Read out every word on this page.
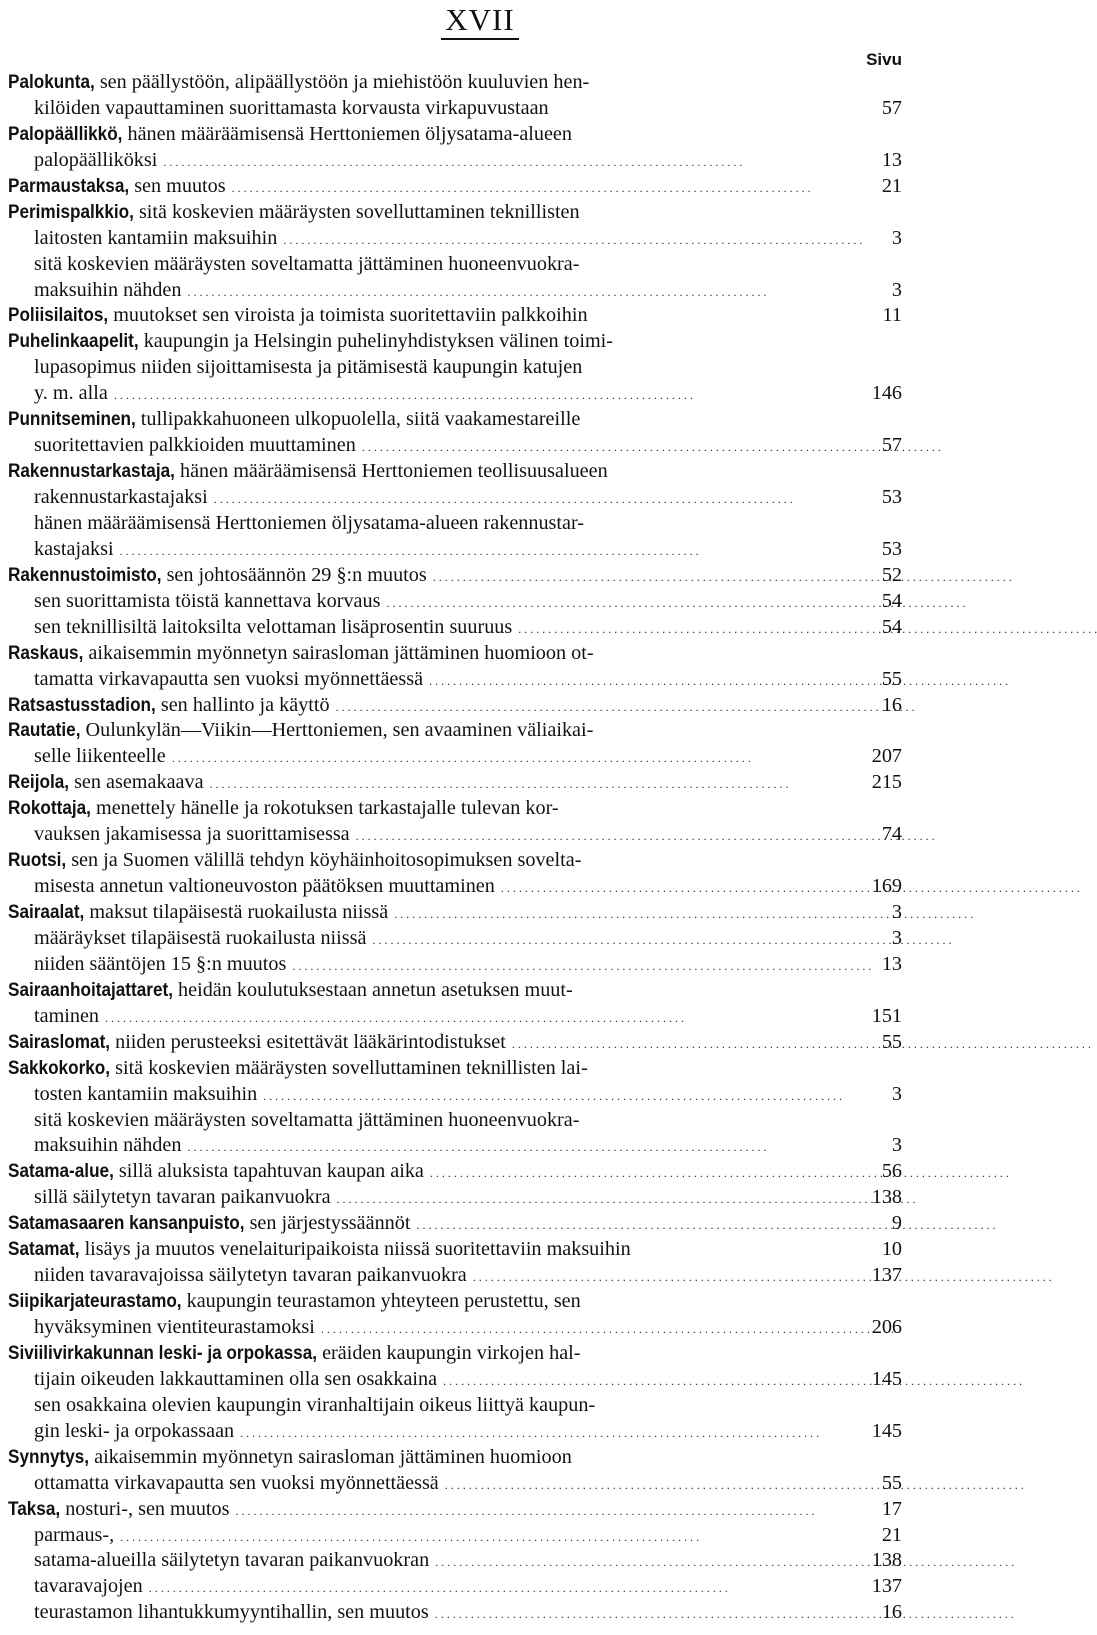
XVII
Sivu
Palokunta, sen päällystöön, alipäällystöön ja miehistöön kuuluvien hen-
kilöiden vapauttaminen suorittamasta korvausta virkapuvustaan	57
Palopäällikkö, hänen määräämisensä Herttoniemen öljysatama-alueen
palopäälliköksi . . .	13
Parmaustaksa, sen muutos . . .	21
Perimispalkkio, sitä koskevien määräysten sovelluttaminen teknillisten
laitosten kantamiin maksuihin . . .	3
sitä koskevien määräysten soveltamatta jättäminen huoneenvuokra-
maksuihin nähden . . .	3
Poliisilaitos, muutokset sen viroista ja toimista suoritettaviin palkkoihin	11
Puhelinkaapelit, kaupungin ja Helsingin puhelinyhdistyksen välinen toimi-
lupasopimus niiden sijoittamisesta ja pitämisestä kaupungin katujen
y. m. alla . . .	146
Punnitseminen, tullipakkahuoneen ulkopuolella, siitä vaakamestareille
suoritettavien palkkioiden muuttaminen . . .	57
Rakennustarkastaja, hänen määräämisensä Herttoniemen teollisuusalueen
rakennustarkastajaksi . . .	53
hänen määräämisensä Herttoniemen öljysatama-alueen rakennustar-
kastajaksi . . .	53
Rakennustoimisto, sen johtosäännön 29 §:n muutos . . .	52
sen suorittamista töistä kannettava korvaus . . .	54
sen teknillisiltä laitoksilta velottaman lisäprosentin suuruus . . .	54
Raskaus, aikaisemmin myönnetyn sairasloman jättäminen huomioon ot-
tamatta virkavapautta sen vuoksi myönnettäessä . . .	55
Ratsastusstadion, sen hallinto ja käyttö . . .	16
Rautatie, Oulunkylän—Viikin—Herttoniemen, sen avaaminen väliaikai-
selle liikenteelle . . .	207
Reijola, sen asemakaava . . .	215
Rokottaja, menettely hänelle ja rokotuksen tarkastajalle tulevan kor-
vauksen jakamisessa ja suorittamisessa . . .	74
Ruotsi, sen ja Suomen välillä tehdyn köyhäinhoitosopimuksen sovelta-
misesta annetun valtioneuvoston päätöksen muuttaminen . . .	169
Sairaalat, maksut tilapäisestä ruokailusta niissä . . .	3
määräykset tilapäisestä ruokailusta niissä . . .	3
niiden sääntöjen 15 §:n muutos . . .	13
Sairaanhoitajattaret, heidän koulutuksestaan annetun asetuksen muut-
taminen . . .	151
Sairaslomat, niiden perusteeksi esitettävät lääkärintodistukset . . .	55
Sakkokorko, sitä koskevien määräysten sovelluttaminen teknillisten lai-
tosten kantamiin maksuihin . . .	3
sitä koskevien määräysten soveltamatta jättäminen huoneenvuokra-
maksuihin nähden . . .	3
Satama-alue, sillä aluksista tapahtuvan kaupan aika . . .	56
sillä säilytetyn tavaran paikanvuokra . . .	138
Satamasaaren kansanpuisto, sen järjestyssäännöt . . .	9
Satamat, lisäys ja muutos venelaituripaikoista niissä suoritettaviin maksuihin	10
niiden tavaravajoissa säilytetyn tavaran paikanvuokra . . .	137
Siipikarjateurastamo, kaupungin teurastamon yhteyteen perustettu, sen
hyväksyminen vientiteurastamoksi . . .	206
Siviilivirkakunnan leski- ja orpokassa, eräiden kaupungin virkojen hal-
tijain oikeuden lakkauttaminen olla sen osakkaina . . .	145
sen osakkaina olevien kaupungin viranhaltijain oikeus liittyä kaupun-
gin leski- ja orpokassaan . . .	145
Synnytys, aikaisemmin myönnetyn sairasloman jättäminen huomioon
ottamatta virkavapautta sen vuoksi myönnettäessä . . .	55
Taksa, nosturi-, sen muutos . . .	17
parmaus-, . . .	21
satama-alueilla säilytetyn tavaran paikanvuokran . . .	138
tavaravajojen . . .	137
teurastamon lihantukkumyyntihallin, sen muutos . . .	16
